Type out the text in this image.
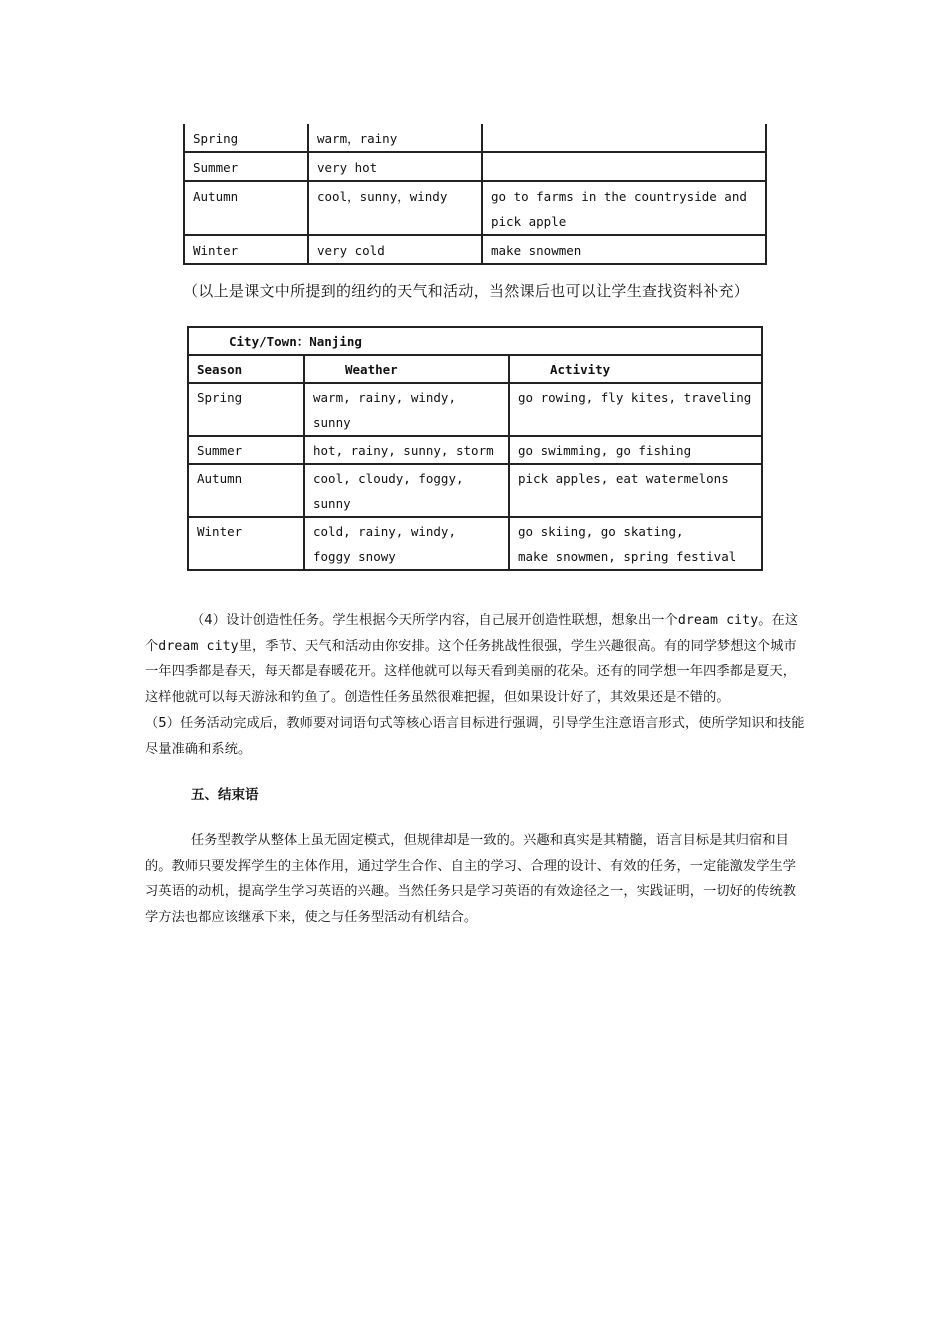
Spring	warm，rainy	
Summer	very hot	
Autumn	cool，sunny，windy	go to farms in the countryside and pick apple
Winter	very cold	make snowmen
（以上是课文中所提到的纽约的天气和活动，当然课后也可以让学生查找资料补充）
City/Town：Nanjing		
Season	Weather	Activity
Spring	warm, rainy, windy, sunny	go rowing, fly kites, traveling
Summer	hot, rainy, sunny, storm	go swimming, go fishing
Autumn	cool, cloudy, foggy, sunny	pick apples, eat watermelons
Winter	cold, rainy, windy, foggy snowy	go skiing, go skating,
make snowmen, spring festival

（4）设计创造性任务。学生根据今天所学内容，自己展开创造性联想，想象出一个dream city。在这个dream city里，季节、天气和活动由你安排。这个任务挑战性很强，学生兴趣很高。有的同学梦想这个城市一年四季都是春天，每天都是春暖花开。这样他就可以每天看到美丽的花朵。还有的同学想一年四季都是夏天，这样他就可以每天游泳和钓鱼了。创造性任务虽然很难把握，但如果设计好了，其效果还是不错的。

（5）任务活动完成后，教师要对词语句式等核心语言目标进行强调，引导学生注意语言形式，使所学知识和技能尽量准确和系统。

五、结束语

任务型教学从整体上虽无固定模式，但规律却是一致的。兴趣和真实是其精髓，语言目标是其归宿和目的。教师只要发挥学生的主体作用，通过学生合作、自主的学习、合理的设计、有效的任务，一定能激发学生学习英语的动机，提高学生学习英语的兴趣。当然任务只是学习英语的有效途径之一，实践证明，一切好的传统教学方法也都应该继承下来，使之与任务型活动有机结合。
